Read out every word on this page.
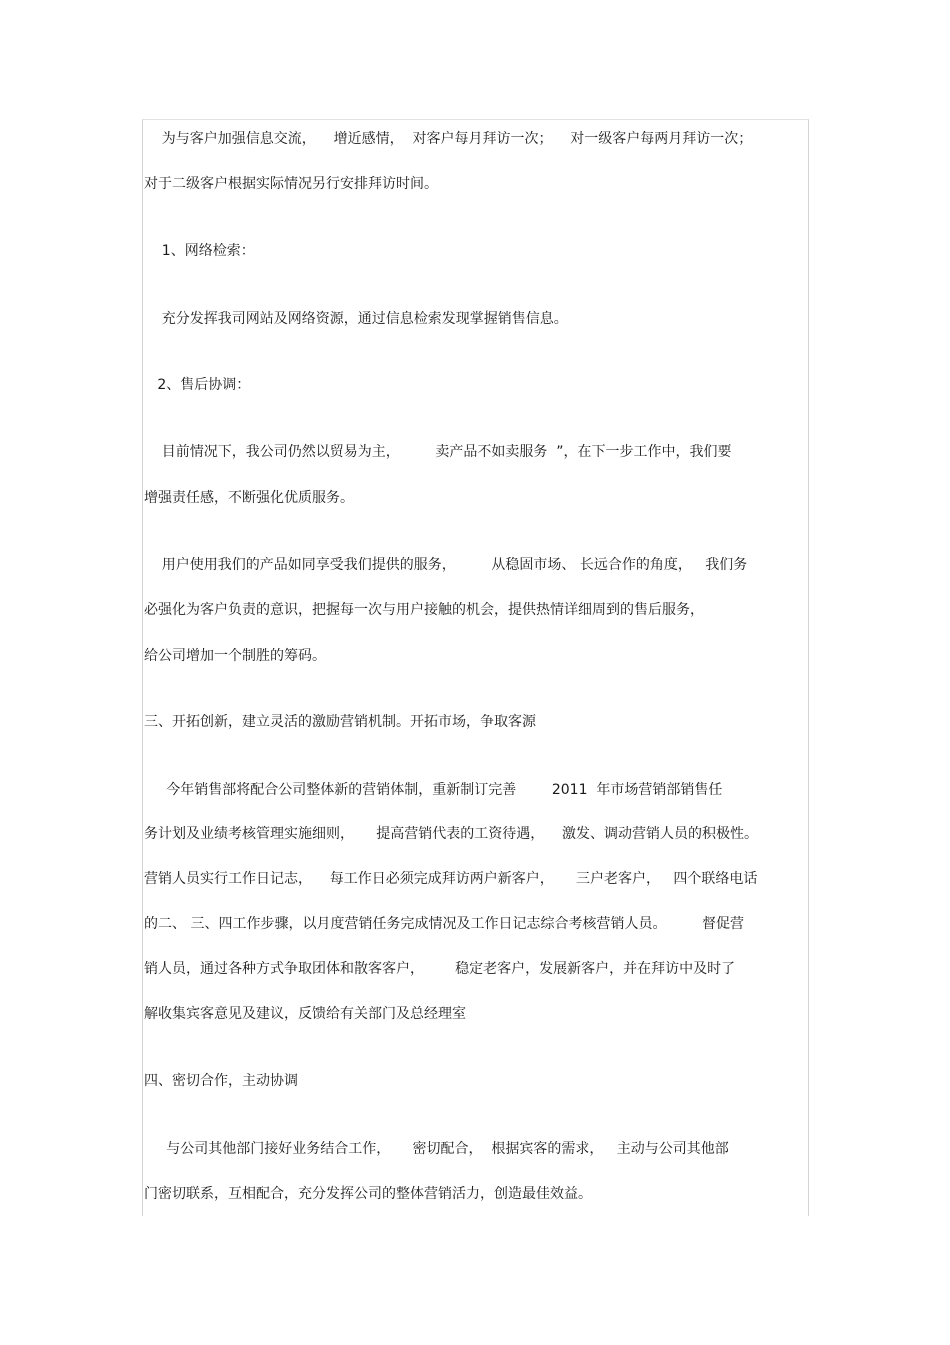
为与客户加强信息交流，    增近感情，  对客户每月拜访一次；    对一级客户每两月拜访一次；
对于二级客户根据实际情况另行安排拜访时间。
1、网络检索：
充分发挥我司网站及网络资源，通过信息检索发现掌握销售信息。
2、售后协调：
目前情况下，我公司仍然以贸易为主，        卖产品不如卖服务  ”，在下一步工作中，我们要
增强责任感，不断强化优质服务。
用户使用我们的产品如同享受我们提供的服务，        从稳固市场、 长远合作的角度，   我们务
必强化为客户负责的意识，把握每一次与用户接触的机会，提供热情详细周到的售后服务，
给公司增加一个制胜的筹码。
三、开拓创新，建立灵活的激励营销机制。开拓市场，争取客源
今年销售部将配合公司整体新的营销体制，重新制订完善        2011  年市场营销部销售任
务计划及业绩考核管理实施细则，     提高营销代表的工资待遇，    激发、调动营销人员的积极性。
营销人员实行工作日记志，    每工作日必须完成拜访两户新客户，     三户老客户，   四个联络电话
的二、 三、四工作步骤，以月度营销任务完成情况及工作日记志综合考核营销人员。        督促营
销人员，通过各种方式争取团体和散客客户，       稳定老客户，发展新客户，并在拜访中及时了
解收集宾客意见及建议，反馈给有关部门及总经理室
四、密切合作，主动协调
与公司其他部门接好业务结合工作，     密切配合，  根据宾客的需求，   主动与公司其他部
门密切联系，互相配合，充分发挥公司的整体营销活力，创造最佳效益。
